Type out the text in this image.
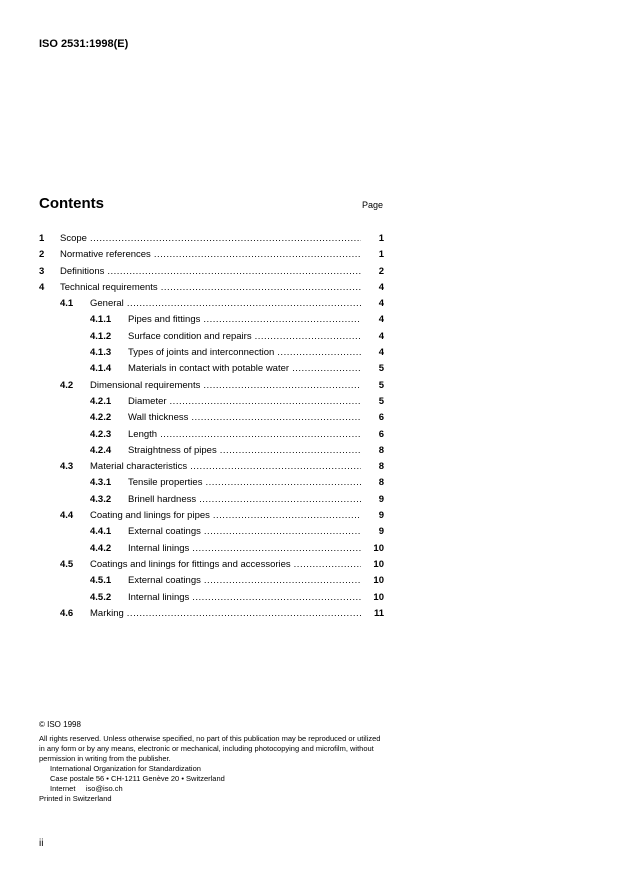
ISO 2531:1998(E)
Contents	Page
1 Scope .....	1
2 Normative references .....	1
3 Definitions .....	2
4 Technical requirements .....	4
4.1 General .....	4
4.1.1 Pipes and fittings .....	4
4.1.2 Surface condition and repairs .....	4
4.1.3 Types of joints and interconnection .....	4
4.1.4 Materials in contact with potable water .....	5
4.2 Dimensional requirements .....	5
4.2.1 Diameter .....	5
4.2.2 Wall thickness .....	6
4.2.3 Length .....	6
4.2.4 Straightness of pipes .....	8
4.3 Material characteristics .....	8
4.3.1 Tensile properties .....	8
4.3.2 Brinell hardness .....	9
4.4 Coating and linings for pipes .....	9
4.4.1 External coatings .....	9
4.4.2 Internal linings .....	10
4.5 Coatings and linings for fittings and accessories .....	10
4.5.1 External coatings .....	10
4.5.2 Internal linings .....	10
4.6 Marking .....	11
© ISO 1998
All rights reserved. Unless otherwise specified, no part of this publication may be reproduced or utilized in any form or by any means, electronic or mechanical, including photocopying and microfilm, without permission in writing from the publisher.
International Organization for Standardization
Case postale 56 • CH-1211 Genève 20 • Switzerland
Internet     iso@iso.ch
Printed in Switzerland
ii
